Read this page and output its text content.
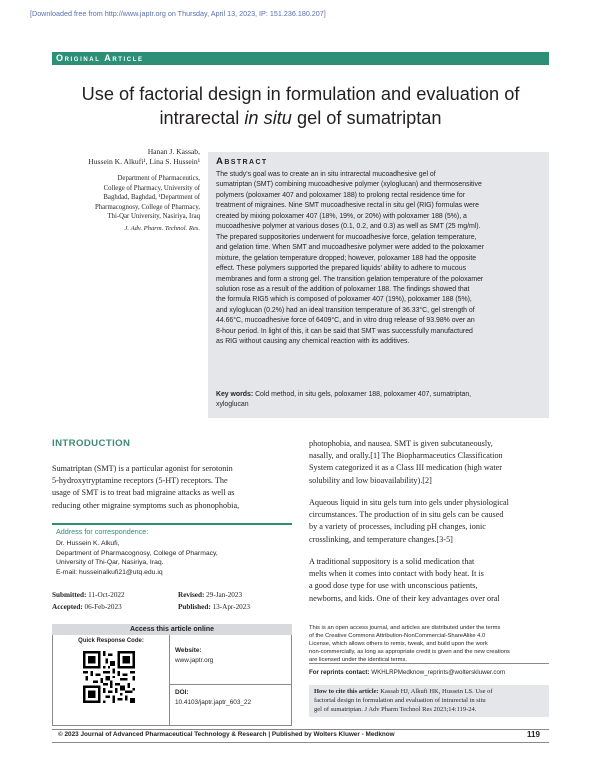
[Downloaded free from http://www.japtr.org on Thursday, April 13, 2023, IP: 151.236.180.207]
Original Article
Use of factorial design in formulation and evaluation of intrarectal in situ gel of sumatriptan
Hanan J. Kassab,
Hussein K. Alkufi¹, Lina S. Hussein¹
Department of Pharmaceutics,
College of Pharmacy, University of
Baghdad, Baghdad, ¹Department of
Pharmacognosy, College of Pharmacy,
Thi-Qar University, Nasiriya, Iraq
J. Adv. Pharm. Technol. Res.
Abstract
The study's goal was to create an in situ intrarectal mucoadhesive gel of
sumatriptan (SMT) combining mucoadhesive polymer (xyloglucan) and thermosensitive
polymers (poloxamer 407 and poloxamer 188) to prolong rectal residence time for
treatment of migraines. Nine SMT mucoadhesive rectal in situ gel (RIG) formulas were
created by mixing poloxamer 407 (18%, 19%, or 20%) with poloxamer 188 (5%), a
mucoadhesive polymer at various doses (0.1, 0.2, and 0.3) as well as SMT (25 mg/ml).
The prepared suppositories underwent for mucoadhesive force, gelation temperature,
and gelation time. When SMT and mucoadhesive polymer were added to the poloxamer
mixture, the gelation temperature dropped; however, poloxamer 188 had the opposite
effect. These polymers supported the prepared liquids' ability to adhere to mucous
membranes and form a strong gel. The transition gelation temperature of the poloxamer
solution rose as a result of the addition of poloxamer 188. The findings showed that
the formula RIG5 which is composed of poloxamer 407 (19%), poloxamer 188 (5%),
and xyloglucan (0.2%) had an ideal transition temperature of 36.33°C, gel strength of
44.66°C, mucoadhesive force of 6409°C, and in vitro drug release of 93.98% over an
8-hour period. In light of this, it can be said that SMT was successfully manufactured
as RIG without causing any chemical reaction with its additives.
Key words: Cold method, in situ gels, poloxamer 188, poloxamer 407, sumatriptan,
xyloglucan
INTRODUCTION
Sumatriptan (SMT) is a particular agonist for serotonin
5-hydroxytryptamine receptors (5-HT) receptors. The
usage of SMT is to treat bad migraine attacks as well as
reducing other migraine symptoms such as phonophobia,
photophobia, and nausea. SMT is given subcutaneously,
nasally, and orally.[1] The Biopharmaceutics Classification
System categorized it as a Class III medication (high water
solubility and low bioavailability).[2]
Aqueous liquid in situ gels turn into gels under physiological
circumstances. The production of in situ gels can be caused
by a variety of processes, including pH changes, ionic
crosslinking, and temperature changes.[3-5]
A traditional suppository is a solid medication that
melts when it comes into contact with body heat. It is
a good dose type for use with unconscious patients,
newborns, and kids. One of their key advantages over oral
Address for correspondence:
Dr. Hussein K. Alkufi,
Department of Pharmacognosy, College of Pharmacy,
University of Thi-Qar, Nasiriya, Iraq.
E-mail: husseinalkufi21@utq.edu.iq
Submitted: 11-Oct-2022	Revised: 29-Jan-2023
Accepted: 06-Feb-2023	Published: 13-Apr-2023
Access this article online
Quick Response Code:
Website:
www.japtr.org
DOI:
10.4103/japtr.japtr_603_22
This is an open access journal, and articles are distributed under the terms
of the Creative Commons Attribution-NonCommercial-ShareAlike 4.0
License, which allows others to remix, tweak, and build upon the work
non-commercially, as long as appropriate credit is given and the new creations
are licensed under the identical terms.
For reprints contact: WKHLRPMedknow_reprints@wolterskluwer.com
How to cite this article: Kassab HJ, Alkufi HK, Hussein LS. Use of
factorial design in formulation and evaluation of intrarectal in situ
gel of sumatriptan. J Adv Pharm Technol Res 2023;14:119-24.
© 2023 Journal of Advanced Pharmaceutical Technology & Research | Published by Wolters Kluwer - Medknow	119
